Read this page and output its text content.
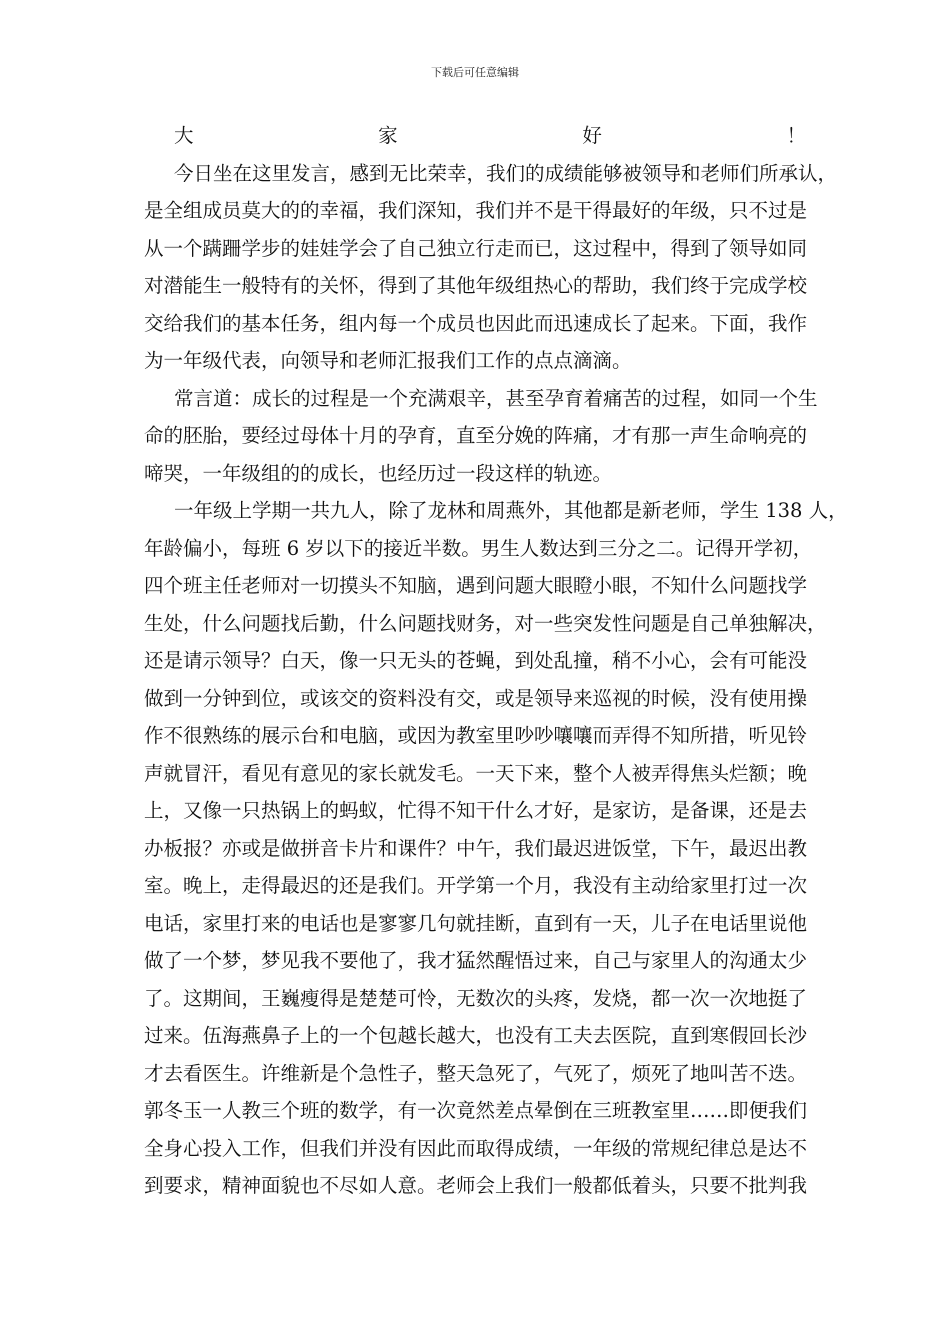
下载后可任意编辑
大家好！
今日坐在这里发言，感到无比荣幸，我们的成绩能够被领导和老师们所承认，
是全组成员莫大的的幸福，我们深知，我们并不是干得最好的年级，只不过是
从一个蹒跚学步的娃娃学会了自己独立行走而已，这过程中，得到了领导如同
对潜能生一般特有的关怀，得到了其他年级组热心的帮助，我们终于完成学校
交给我们的基本任务，组内每一个成员也因此而迅速成长了起来。下面，我作
为一年级代表，向领导和老师汇报我们工作的点点滴滴。
常言道：成长的过程是一个充满艰辛，甚至孕育着痛苦的过程，如同一个生
命的胚胎，要经过母体十月的孕育，直至分娩的阵痛，才有那一声生命响亮的
啼哭，一年级组的的成长，也经历过一段这样的轨迹。
一年级上学期一共九人，除了龙林和周燕外，其他都是新老师，学生 138 人，
年龄偏小，每班 6 岁以下的接近半数。男生人数达到三分之二。记得开学初，
四个班主任老师对一切摸头不知脑，遇到问题大眼瞪小眼，不知什么问题找学
生处，什么问题找后勤，什么问题找财务，对一些突发性问题是自己单独解决，
还是请示领导？白天，像一只无头的苍蝇，到处乱撞，稍不小心，会有可能没
做到一分钟到位，或该交的资料没有交，或是领导来巡视的时候，没有使用操
作不很熟练的展示台和电脑，或因为教室里吵吵嚷嚷而弄得不知所措，听见铃
声就冒汗，看见有意见的家长就发毛。一天下来，整个人被弄得焦头烂额；晚
上，又像一只热锅上的蚂蚁，忙得不知干什么才好，是家访，是备课，还是去
办板报？亦或是做拼音卡片和课件？中午，我们最迟进饭堂，下午，最迟出教
室。晚上，走得最迟的还是我们。开学第一个月，我没有主动给家里打过一次
电话，家里打来的电话也是寥寥几句就挂断，直到有一天，儿子在电话里说他
做了一个梦，梦见我不要他了，我才猛然醒悟过来，自己与家里人的沟通太少
了。这期间，王巍瘦得是楚楚可怜，无数次的头疼，发烧，都一次一次地挺了
过来。伍海燕鼻子上的一个包越长越大，也没有工夫去医院，直到寒假回长沙
才去看医生。许维新是个急性子，整天急死了，气死了，烦死了地叫苦不迭。
郭冬玉一人教三个班的数学，有一次竟然差点晕倒在三班教室里……即便我们
全身心投入工作，但我们并没有因此而取得成绩，一年级的常规纪律总是达不
到要求，精神面貌也不尽如人意。老师会上我们一般都低着头，只要不批判我
